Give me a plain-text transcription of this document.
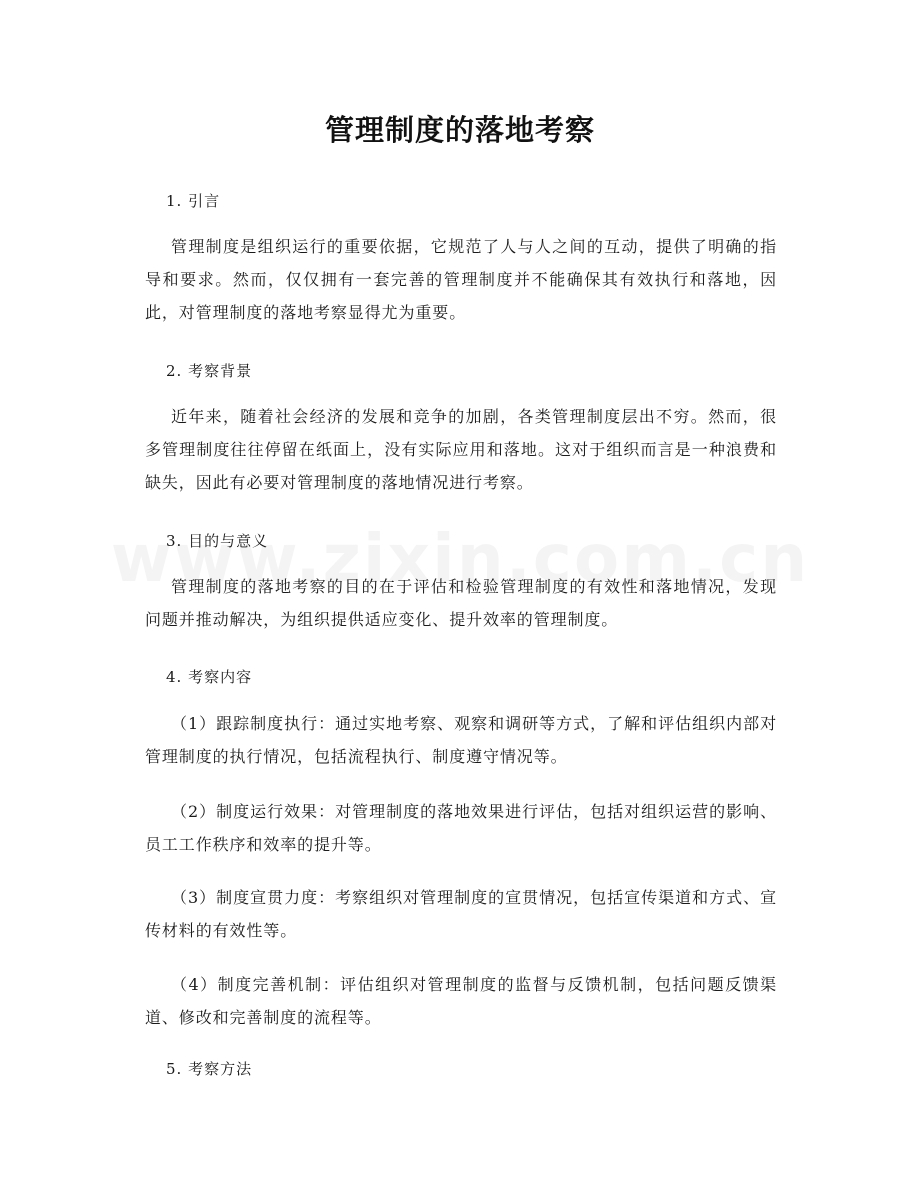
管理制度的落地考察
1. 引言
管理制度是组织运行的重要依据，它规范了人与人之间的互动，提供了明确的指导和要求。然而，仅仅拥有一套完善的管理制度并不能确保其有效执行和落地，因此，对管理制度的落地考察显得尤为重要。
2. 考察背景
近年来，随着社会经济的发展和竞争的加剧，各类管理制度层出不穷。然而，很多管理制度往往停留在纸面上，没有实际应用和落地。这对于组织而言是一种浪费和缺失，因此有必要对管理制度的落地情况进行考察。
3. 目的与意义
管理制度的落地考察的目的在于评估和检验管理制度的有效性和落地情况，发现问题并推动解决，为组织提供适应变化、提升效率的管理制度。
4. 考察内容
（1）跟踪制度执行：通过实地考察、观察和调研等方式，了解和评估组织内部对管理制度的执行情况，包括流程执行、制度遵守情况等。
（2）制度运行效果：对管理制度的落地效果进行评估，包括对组织运营的影响、员工工作秩序和效率的提升等。
（3）制度宣贯力度：考察组织对管理制度的宣贯情况，包括宣传渠道和方式、宣传材料的有效性等。
（4）制度完善机制：评估组织对管理制度的监督与反馈机制，包括问题反馈渠道、修改和完善制度的流程等。
5. 考察方法
